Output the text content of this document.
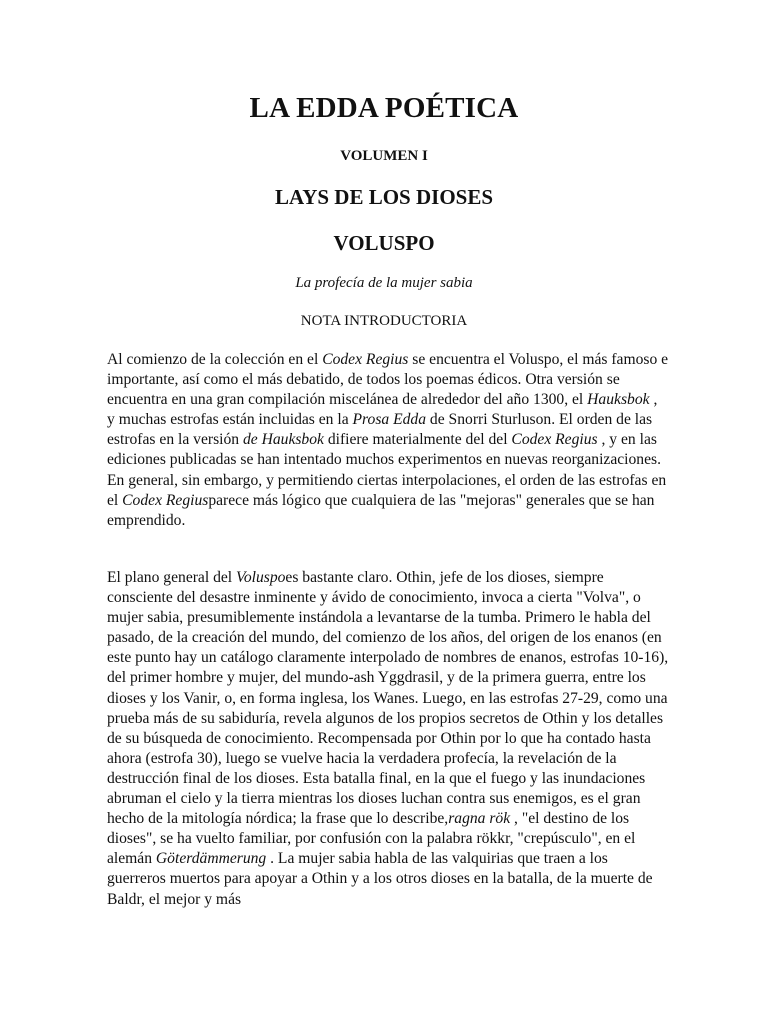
LA EDDA POÉTICA
VOLUMEN I
LAYS DE LOS DIOSES
VOLUSPO
La profecía de la mujer sabia
NOTA INTRODUCTORIA

Al comienzo de la colección en el Codex Regius se encuentra el Voluspo, el más famoso e importante, así como el más debatido, de todos los poemas édicos. Otra versión se encuentra en una gran compilación miscelánea de alrededor del año 1300, el Hauksbok , y muchas estrofas están incluidas en la Prosa Edda de Snorri Sturluson. El orden de las estrofas en la versión de Hauksbok difiere materialmente del del Codex Regius , y en las ediciones publicadas se han intentado muchos experimentos en nuevas reorganizaciones. En general, sin embargo, y permitiendo ciertas interpolaciones, el orden de las estrofas en el Codex Regiusparece más lógico que cualquiera de las "mejoras" generales que se han emprendido.

El plano general del Voluspoes bastante claro. Othin, jefe de los dioses, siempre consciente del desastre inminente y ávido de conocimiento, invoca a cierta "Volva", o mujer sabia, presumiblemente instándola a levantarse de la tumba. Primero le habla del pasado, de la creación del mundo, del comienzo de los años, del origen de los enanos (en este punto hay un catálogo claramente interpolado de nombres de enanos, estrofas 10-16), del primer hombre y mujer, del mundo-ash Yggdrasil, y de la primera guerra, entre los dioses y los Vanir, o, en forma inglesa, los Wanes. Luego, en las estrofas 27-29, como una prueba más de su sabiduría, revela algunos de los propios secretos de Othin y los detalles de su búsqueda de conocimiento. Recompensada por Othin por lo que ha contado hasta ahora (estrofa 30), luego se vuelve hacia la verdadera profecía, la revelación de la destrucción final de los dioses. Esta batalla final, en la que el fuego y las inundaciones abruman el cielo y la tierra mientras los dioses luchan contra sus enemigos, es el gran hecho de la mitología nórdica; la frase que lo describe,ragna rök , "el destino de los dioses", se ha vuelto familiar, por confusión con la palabra rökkr, "crepúsculo", en el alemán Göterdämmerung . La mujer sabia habla de las valquirias que traen a los guerreros muertos para apoyar a Othin y a los otros dioses en la batalla, de la muerte de Baldr, el mejor y más
